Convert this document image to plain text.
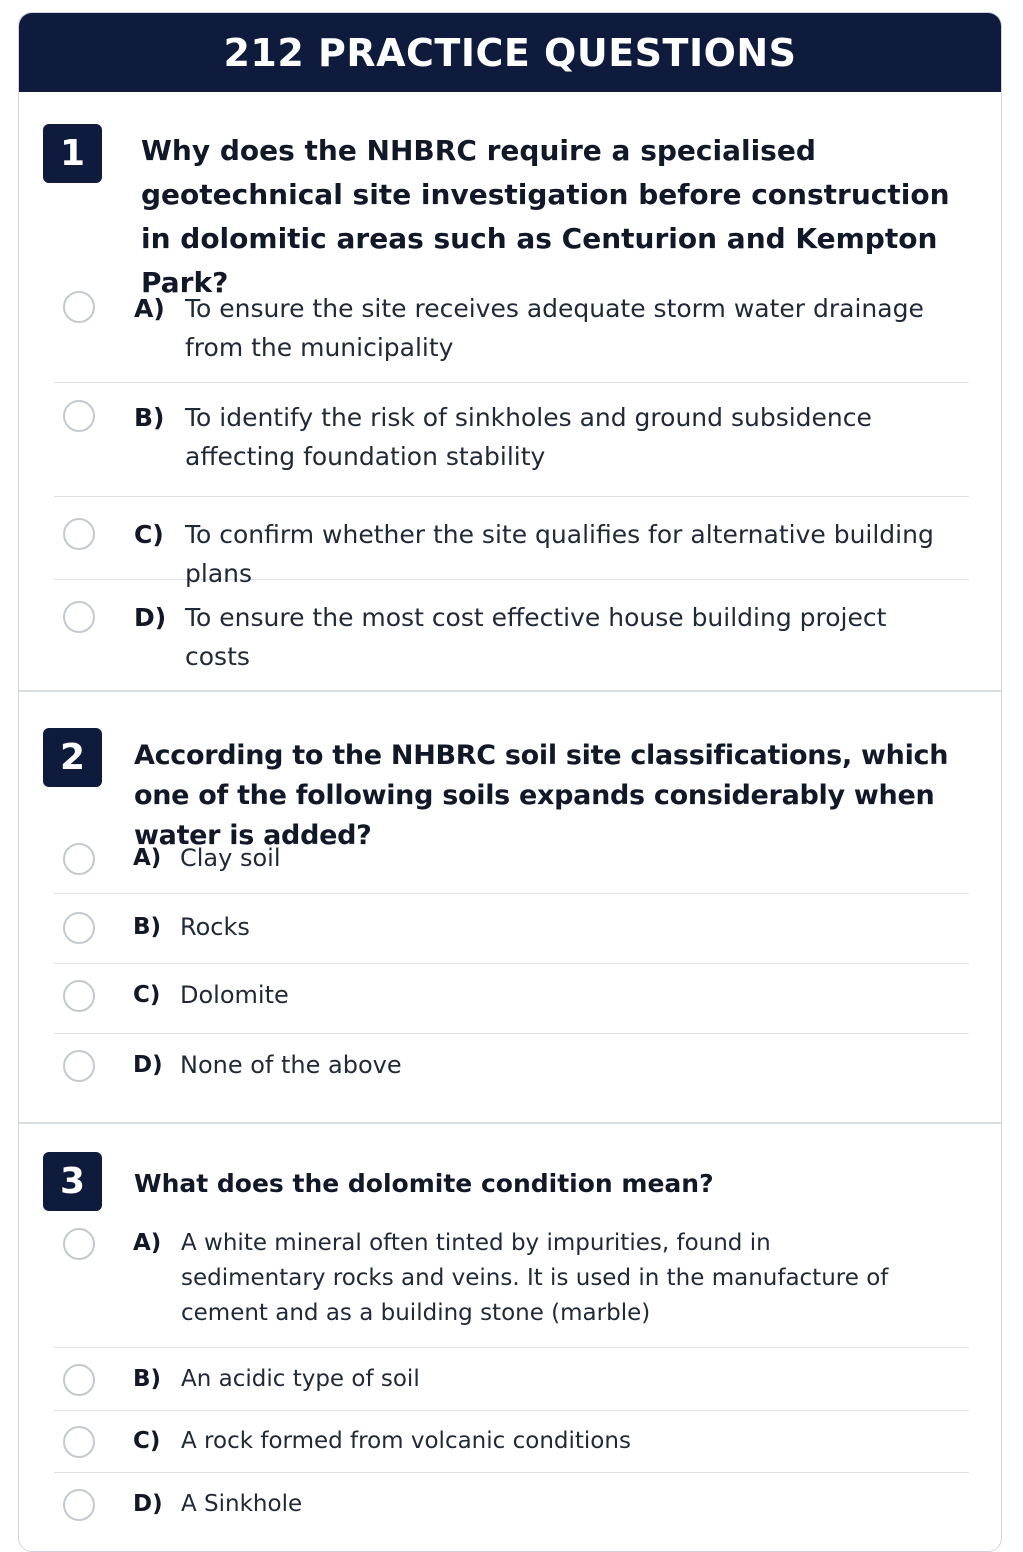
212 PRACTICE QUESTIONS
1	Why does the NHBRC require a specialised geotechnical site investigation before construction in dolomitic areas such as Centurion and Kempton Park?
A) To ensure the site receives adequate storm water drainage from the municipality
B) To identify the risk of sinkholes and ground subsidence affecting foundation stability
C) To confirm whether the site qualifies for alternative building plans
D) To ensure the most cost effective house building project costs
2	According to the NHBRC soil site classifications, which one of the following soils expands considerably when water is added?
A) Clay soil
B) Rocks
C) Dolomite
D) None of the above
3	What does the dolomite condition mean?
A) A white mineral often tinted by impurities, found in sedimentary rocks and veins. It is used in the manufacture of cement and as a building stone (marble)
B) An acidic type of soil
C) A rock formed from volcanic conditions
D) A Sinkhole
